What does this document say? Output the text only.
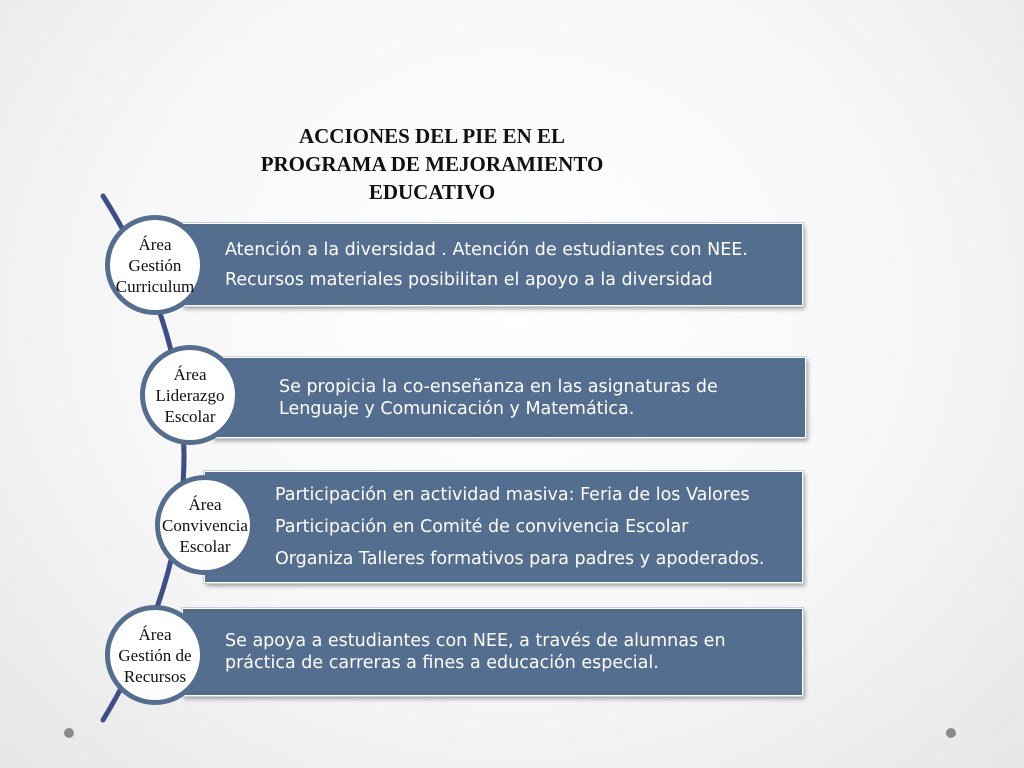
ACCIONES DEL PIE EN EL
PROGRAMA DE MEJORAMIENTO
EDUCATIVO
Atención a la diversidad . Atención de estudiantes con NEE.
Recursos materiales posibilitan el apoyo a la diversidad
Se propicia la co-enseñanza en las asignaturas de
Lenguaje y Comunicación y Matemática.
Participación en actividad masiva: Feria de los Valores
Participación en Comité de convivencia Escolar
Organiza Talleres formativos para padres y apoderados.
Se apoya a estudiantes con NEE, a través de alumnas en
práctica de carreras a fines a educación especial.
Área
Gestión
Curriculum
Área
Liderazgo
Escolar
Área
Convivencia
Escolar
Área
Gestión de
Recursos
